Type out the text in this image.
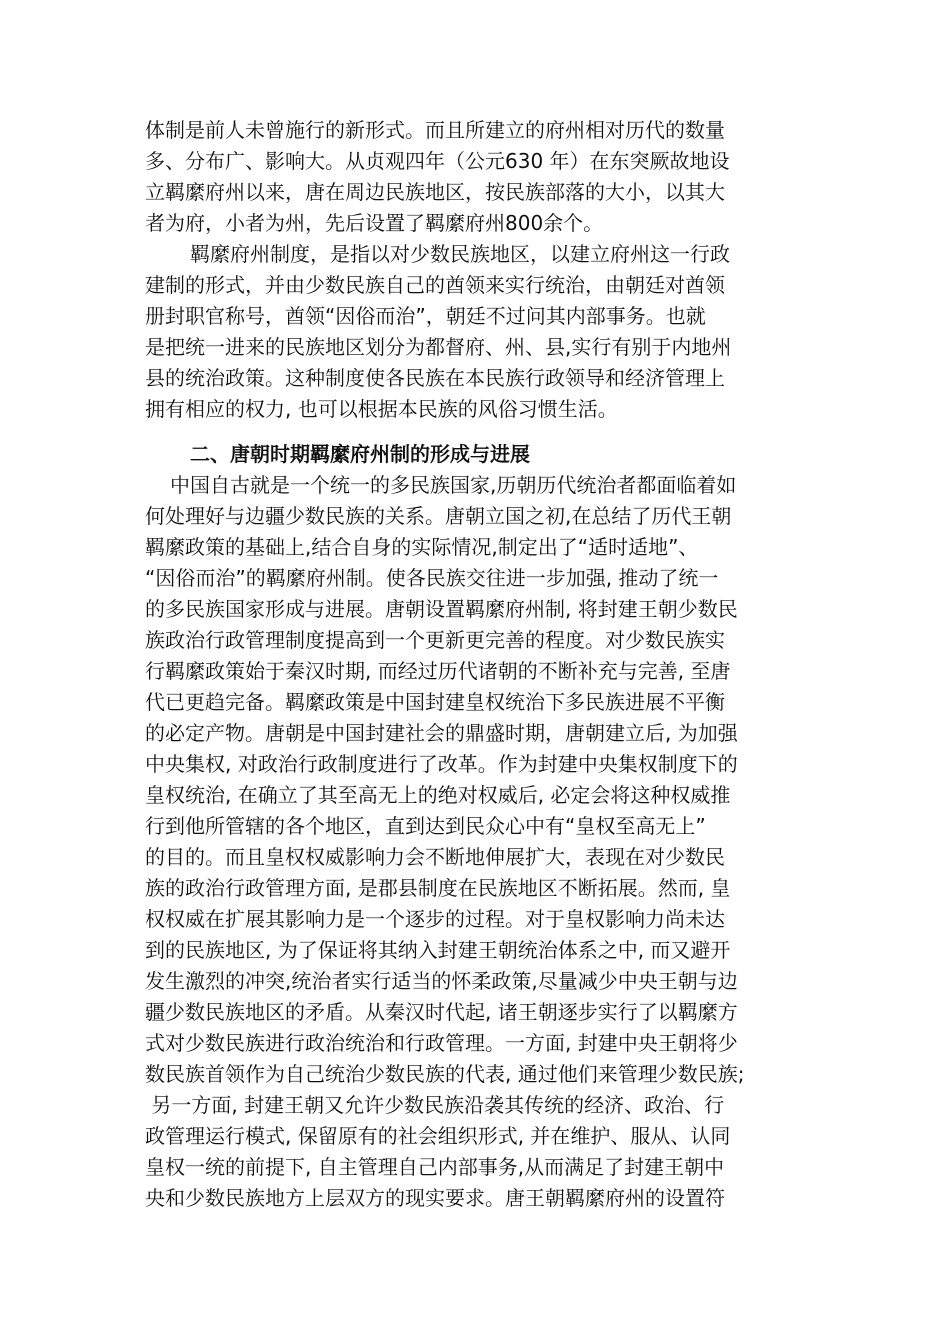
体制是前人未曾施行的新形式。而且所建立的府州相对历代的数量
多、分布广、影响大。从贞观四年（公元630 年）在东突厥故地设
立羁縻府州以来，唐在周边民族地区，按民族部落的大小，以其大
者为府，小者为州，先后设置了羁縻府州800余个。
羁縻府州制度，是指以对少数民族地区，以建立府州这一行政
建制的形式，并由少数民族自己的酋领来实行统治，由朝廷对酋领
册封职官称号，酋领“因俗而治”，朝廷不过问其内部事务。也就
是把统一进来的民族地区划分为都督府、州、县,实行有别于内地州
县的统治政策。这种制度使各民族在本民族行政领导和经济管理上
拥有相应的权力, 也可以根据本民族的风俗习惯生活。
二、唐朝时期羁縻府州制的形成与进展
中国自古就是一个统一的多民族国家,历朝历代统治者都面临着如
何处理好与边疆少数民族的关系。唐朝立国之初,在总结了历代王朝
羁縻政策的基础上,结合自身的实际情况,制定出了“适时适地”、
“因俗而治”的羁縻府州制。使各民族交往进一步加强, 推动了统一
的多民族国家形成与进展。唐朝设置羁縻府州制, 将封建王朝少数民
族政治行政管理制度提高到一个更新更完善的程度。对少数民族实
行羁縻政策始于秦汉时期, 而经过历代诸朝的不断补充与完善, 至唐
代已更趋完备。羁縻政策是中国封建皇权统治下多民族进展不平衡
的必定产物。唐朝是中国封建社会的鼎盛时期，唐朝建立后, 为加强
中央集权, 对政治行政制度进行了改革。作为封建中央集权制度下的
皇权统治, 在确立了其至高无上的绝对权威后, 必定会将这种权威推
行到他所管辖的各个地区，直到达到民众心中有“皇权至高无上”
的目的。而且皇权权威影响力会不断地伸展扩大，表现在对少数民
族的政治行政管理方面, 是郡县制度在民族地区不断拓展。然而, 皇
权权威在扩展其影响力是一个逐步的过程。对于皇权影响力尚未达
到的民族地区, 为了保证将其纳入封建王朝统治体系之中, 而又避开
发生激烈的冲突,统治者实行适当的怀柔政策,尽量减少中央王朝与边
疆少数民族地区的矛盾。从秦汉时代起, 诸王朝逐步实行了以羁縻方
式对少数民族进行政治统治和行政管理。一方面, 封建中央王朝将少
数民族首领作为自己统治少数民族的代表, 通过他们来管理少数民族;
另一方面, 封建王朝又允许少数民族沿袭其传统的经济、政治、行
政管理运行模式, 保留原有的社会组织形式, 并在维护、服从、认同
皇权一统的前提下, 自主管理自己内部事务,从而满足了封建王朝中
央和少数民族地方上层双方的现实要求。唐王朝羁縻府州的设置符
